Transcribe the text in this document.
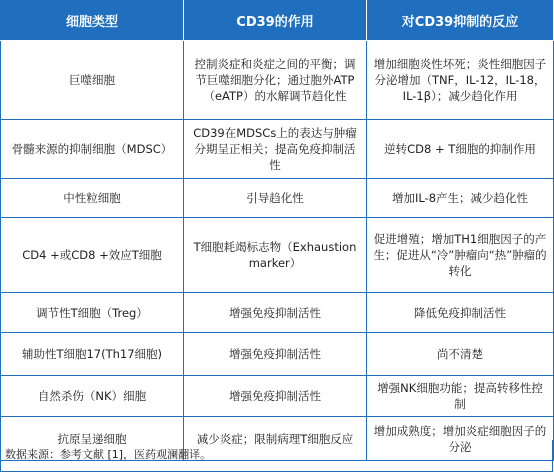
细胞类型	CD39的作用	对CD39抑制的反应
巨噬细胞	控制炎症和炎症之间的平衡；调节巨噬细胞分化；通过胞外ATP（eATP）的水解调节趋化性	增加细胞炎性坏死；炎性细胞因子分泌增加（TNF，IL-12，IL-18，IL-1β）；减少趋化作用
骨髓来源的抑制细胞（MDSC）	CD39在MDSCs上的表达与肿瘤分期呈正相关；提高免疫抑制活性	逆转CD8 + T细胞的抑制作用
中性粒细胞	引导趋化性	增加IL-8产生；减少趋化性
CD4 +或CD8 +效应T细胞	T细胞耗竭标志物（Exhaustion marker）	促进增殖；增加TH1细胞因子的产生；促进从“冷”肿瘤向“热”肿瘤的转化
调节性T细胞（Treg）	增强免疫抑制活性	降低免疫抑制活性
辅助性T细胞17(Th17细胞)	增强免疫抑制活性	尚不清楚
自然杀伤（NK）细胞	增强免疫抑制活性	增强NK细胞功能；提高转移性控制
抗原呈递细胞	减少炎症；限制病理T细胞反应	增加成熟度；增加炎症细胞因子的分泌
数据来源：参考文献 [1]，医药观澜翻译。
